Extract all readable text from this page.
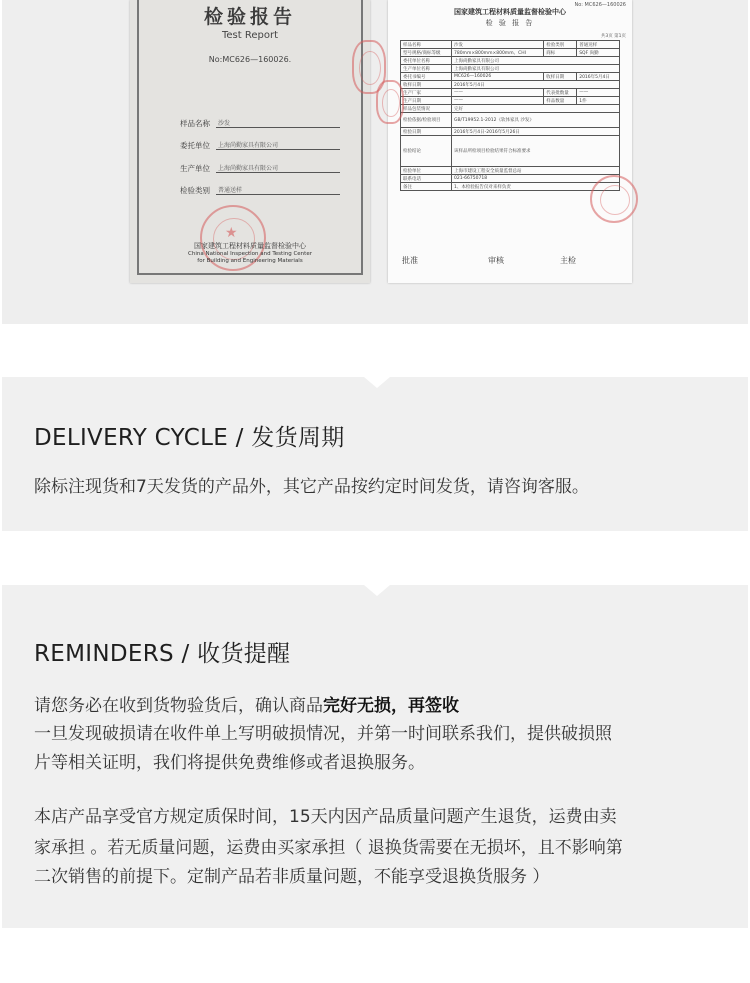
检验报告
Test Report
No:MC626—160026.
样品名称	沙发
委托单位	上海尚勤家具有限公司
生产单位	上海尚勤家具有限公司
检验类别	普通送样
★
国家建筑工程材料质量监督检验中心
China National Inspection and Testing Center
for Building and Engineering Materials
No: MC626—160026
国家建筑工程材料质量监督检验中心
检 验 报 告
共3页 第1页
样品名称	沙发	检验类别	普通送样
型号规格/商标等级	780mm×800mm×800mm、CHI	商标	SQF 尚勤
委托单位名称	上海尚勤家具有限公司		
生产单位名称	上海尚勤家具有限公司		
委托书编号	MC626—160026	收样日期	2016年5月4日
收样日期	2016年5月4日		
生产厂家	——	代表批数量	——
生产日期	——	样品数量	1件
样品包装情况	完好		
检验依据/检验项目	GB/T19952.1-2012《软体家具 沙发》		
检验日期	2016年5月4日-2016年5月26日		
检验结论	该样品所检项目检验结果符合标准要求		
检验单位	上海市建设工程安全质量监督总站		
联系电话	021-66750718		
备注	1、本检验报告仅对来样负责		
批准	审核	主检
DELIVERY CYCLE / 发货周期
除标注现货和7天发货的产品外，其它产品按约定时间发货，请咨询客服。
REMINDERS / 收货提醒
请您务必在收到货物验货后，确认商品完好无损，再签收
一旦发现破损请在收件单上写明破损情况，并第一时间联系我们，提供破损照
片等相关证明，我们将提供免费维修或者退换服务。
本店产品享受官方规定质保时间，15天内因产品质量问题产生退货，运费由卖
家承担 。若无质量问题，运费由买家承担（ 退换货需要在无损坏，且不影响第
二次销售的前提下。定制产品若非质量问题，不能享受退换货服务 ）
